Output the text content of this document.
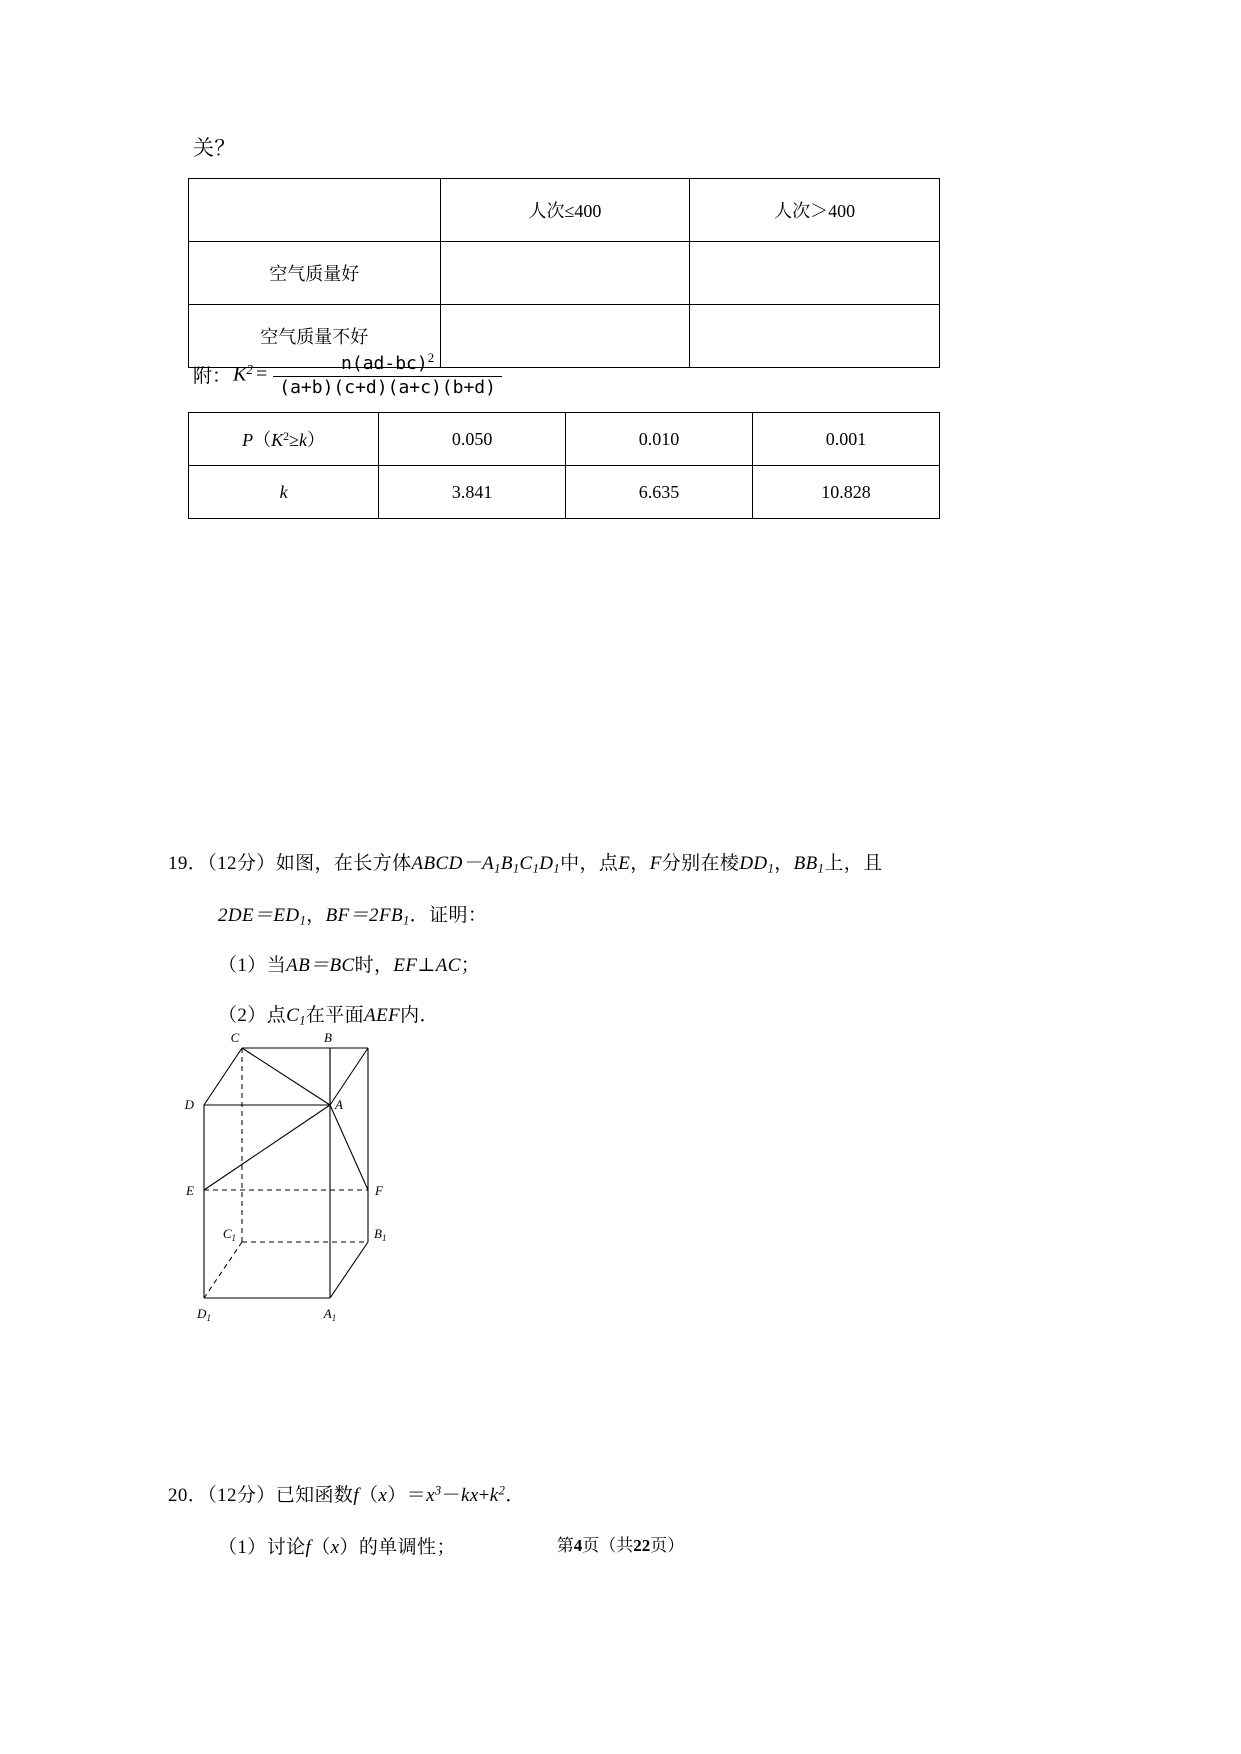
关？
	人次≤400	人次＞400
空气质量好		
空气质量不好		
附： $K^2 = \frac{n(ad-bc)^2}{(a+b)(c+d)(a+c)(b+d)}$
$P(K^2\ge k)$	0.050	0.010	0.001
k	3.841	6.635	10.828
19．（12分）如图，在长方体$ABCD-A_1B_1C_1D_1$中，点E，F分别在棱$DD_1$，$BB_1$上，且
$2DE=ED_1$，$BF=2FB_1$．证明：
（1）当AB＝BC时，EF⊥AC；
（2）点$C_1$在平面AEF内．
C	B
D	A
E	F
$C_1$	$B_1$
$D_1$	$A_1$
20．（12分）已知函数$f(x)=x^3-kx+k^2$．
（1）讨论f（x）的单调性；	第4页（共22页）
